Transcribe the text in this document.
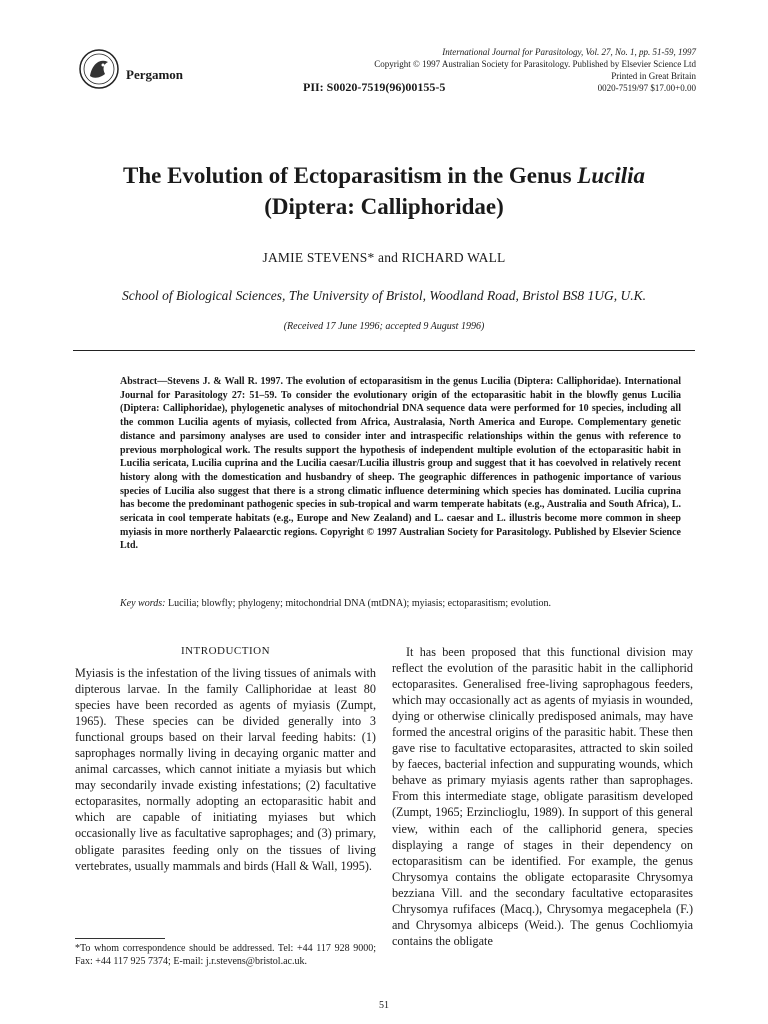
Pergamon
International Journal for Parasitology, Vol. 27, No. 1, pp. 51-59, 1997
Copyright © 1997 Australian Society for Parasitology. Published by Elsevier Science Ltd
Printed in Great Britain
0020-7519/97 $17.00+0.00
PII: S0020-7519(96)00155-5
The Evolution of Ectoparasitism in the Genus Lucilia
(Diptera: Calliphoridae)
JAMIE STEVENS* and RICHARD WALL
School of Biological Sciences, The University of Bristol, Woodland Road, Bristol BS8 1UG, U.K.
(Received 17 June 1996; accepted 9 August 1996)
Abstract—Stevens J. & Wall R. 1997. The evolution of ectoparasitism in the genus Lucilia (Diptera: Calliphoridae). International Journal for Parasitology 27: 51–59. To consider the evolutionary origin of the ectoparasitic habit in the blowfly genus Lucilia (Diptera: Calliphoridae), phylogenetic analyses of mitochondrial DNA sequence data were performed for 10 species, including all the common Lucilia agents of myiasis, collected from Africa, Australasia, North America and Europe. Complementary genetic distance and parsimony analyses are used to consider inter and intraspecific relationships within the genus with reference to previous morphological work. The results support the hypothesis of independent multiple evolution of the ectoparasitic habit in Lucilia sericata, Lucilia cuprina and the Lucilia caesar/Lucilia illustris group and suggest that it has coevolved in relatively recent history along with the domestication and husbandry of sheep. The geographic differences in pathogenic importance of various species of Lucilia also suggest that there is a strong climatic influence determining which species has dominated. Lucilia cuprina has become the predominant pathogenic species in sub-tropical and warm temperate habitats (e.g., Australia and South Africa), L. sericata in cool temperate habitats (e.g., Europe and New Zealand) and L. caesar and L. illustris become more common in sheep myiasis in more northerly Palaearctic regions. Copyright © 1997 Australian Society for Parasitology. Published by Elsevier Science Ltd.
Key words: Lucilia; blowfly; phylogeny; mitochondrial DNA (mtDNA); myiasis; ectoparasitism; evolution.
INTRODUCTION

Myiasis is the infestation of the living tissues of animals with dipterous larvae. In the family Calliphoridae at least 80 species have been recorded as agents of myiasis (Zumpt, 1965). These species can be divided generally into 3 functional groups based on their larval feeding habits: (1) saprophages normally living in decaying organic matter and animal carcasses, which cannot initiate a myiasis but which may secondarily invade existing infestations; (2) facultative ectoparasites, normally adopting an ectoparasitic habit and which are capable of initiating myiases but which occasionally live as facultative saprophages; and (3) primary, obligate parasites feeding only on the tissues of living vertebrates, usually mammals and birds (Hall & Wall, 1995).

*To whom correspondence should be addressed. Tel: +44 117 928 9000; Fax: +44 117 925 7374; E-mail: j.r.stevens@bristol.ac.uk.

It has been proposed that this functional division may reflect the evolution of the parasitic habit in the calliphorid ectoparasites. Generalised free-living saprophagous feeders, which may occasionally act as agents of myiasis in wounded, dying or otherwise clinically predisposed animals, may have formed the ancestral origins of the parasitic habit. These then gave rise to facultative ectoparasites, attracted to skin soiled by faeces, bacterial infection and suppurating wounds, which behave as primary myiasis agents rather than saprophages. From this intermediate stage, obligate parasitism developed (Zumpt, 1965; Erzinclioglu, 1989). In support of this general view, within each of the calliphorid genera, species displaying a range of stages in their dependency on ectoparasitism can be identified. For example, the genus Chrysomya contains the obligate ectoparasite Chrysomya bezziana Vill. and the secondary facultative ectoparasites Chrysomya rufifaces (Macq.), Chrysomya megacephela (F.) and Chrysomya albiceps (Weid.). The genus Cochliomyia contains the obligate

51
